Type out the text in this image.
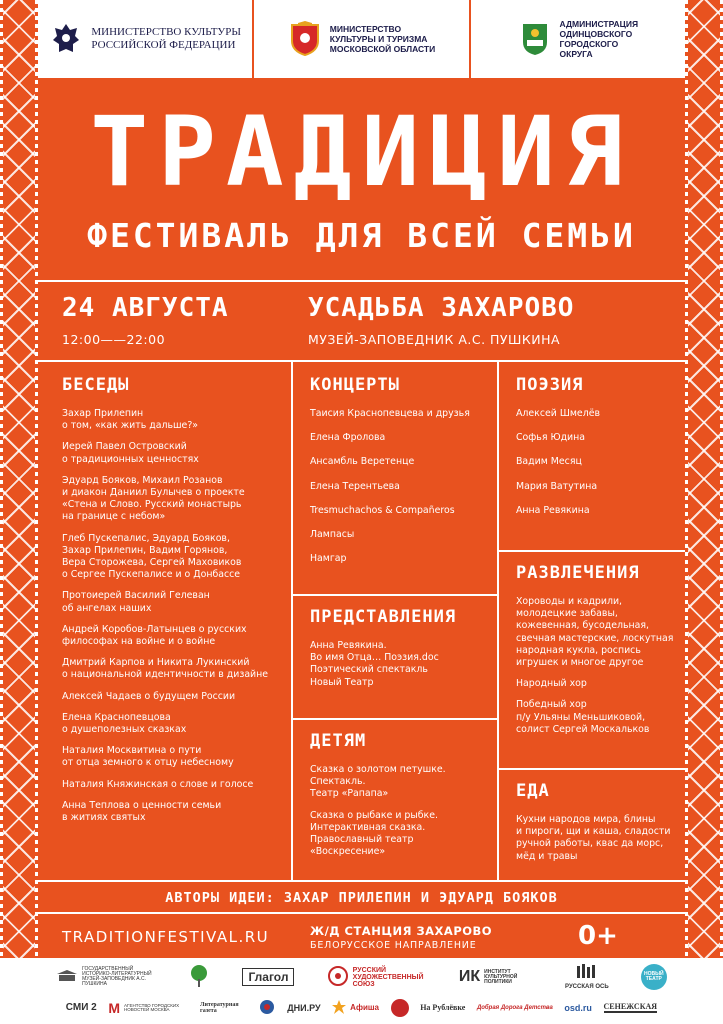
МИНИСТЕРСТВО КУЛЬТУРЫ
РОССИЙСКОЙ ФЕДЕРАЦИИ
МИНИСТЕРСТВО
КУЛЬТУРЫ И ТУРИЗМА
МОСКОВСКОЙ ОБЛАСТИ
АДМИНИСТРАЦИЯ
ОДИНЦОВСКОГО
ГОРОДСКОГО
ОКРУГА
ТРАДИЦИЯ
ФЕСТИВАЛЬ ДЛЯ ВСЕЙ СЕМЬИ
24 АВГУСТА
12:00——22:00
УСАДЬБА ЗАХАРОВО
МУЗЕЙ-ЗАПОВЕДНИК А.С. ПУШКИНА
БЕСЕДЫ
Захар Прилепин
о том, «как жить дальше?»
Иерей Павел Островский
о традиционных ценностях
Эдуард Бояков, Михаил Розанов
и диакон Даниил Булычев о проекте
«Стена и Слово. Русский монастырь
на границе с небом»
Глеб Пускепалис, Эдуард Бояков,
Захар Прилепин, Вадим Горянов,
Вера Сторожева, Сергей Маховиков
о Сергее Пускепалисе и о Донбассе
Протоиерей Василий Гелеван
об ангелах наших
Андрей Коробов-Латынцев о русских
философах на войне и о войне
Дмитрий Карпов и Никита Лукинский
о национальной идентичности в дизайне
Алексей Чадаев о будущем России
Елена Краснопевцова
о душеполезных сказках
Наталия Москвитина о пути
от отца земного к отцу небесному
Наталия Княжинская о слове и голосе
Анна Теплова о ценности семьи
в житиях святых
КОНЦЕРТЫ
Таисия Краснопевцева и друзья
Елена Фролова
Ансамбль Веретенце
Елена Терентьева
Tresmuchachos & Compañeros
Лампасы
Намгар
ПРЕДСТАВЛЕНИЯ
Анна Ревякина.
Во имя Отца… Поэзия.doc
Поэтический спектакль
Новый Театр
ДЕТЯМ
Сказка о золотом петушке.
Спектакль.
Театр «Рапапа»
Сказка о рыбаке и рыбке.
Интерактивная сказка.
Православный театр
«Воскресение»
ПОЭЗИЯ
Алексей Шмелёв
Софья Юдина
Вадим Месяц
Мария Ватутина
Анна Ревякина
РАЗВЛЕЧЕНИЯ
Хороводы и кадрили,
молодецкие забавы,
кожевенная, бусодельная,
свечная мастерские, лоскутная
народная кукла, роспись
игрушек и многое другое
Народный хор
Победный хор
п/у Ульяны Меньшиковой,
солист Сергей Москальков
ЕДА
Кухни народов мира, блины
и пироги, щи и каша, сладости
ручной работы, квас да морс,
мёд и травы
АВТОРЫ ИДЕИ: ЗАХАР ПРИЛЕПИН И ЭДУАРД БОЯКОВ
TRADITIONFESTIVAL.RU	Ж/Д СТАНЦИЯ ЗАХАРОВО
БЕЛОРУССКОЕ НАПРАВЛЕНИЕ	0+
ГОСУДАРСТВЕННЫЙ ИСТОРИКО-ЛИТЕРАТУРНЫЙ МУЗЕЙ-ЗАПОВЕДНИК А.С. ПУШКИНА	Глагол	РУССКИЙ ХУДОЖЕСТВЕННЫЙ СОЮЗ	ИК ИНСТИТУТ КУЛЬТУРНОЙ ПОЛИТИКИ
РУССКАЯ ОСЬ
НОВЫЙ ТЕАТР
СМИ 2 M АГЕНТСТВО ГОРОДСКИХ НОВОСТЕЙ МОСКВА
Литературная газета	ДНИ.РУ	Афиша	На Рублёвке Добрая Дорога Детства osd.ru СЕНЕЖСКАЯ
